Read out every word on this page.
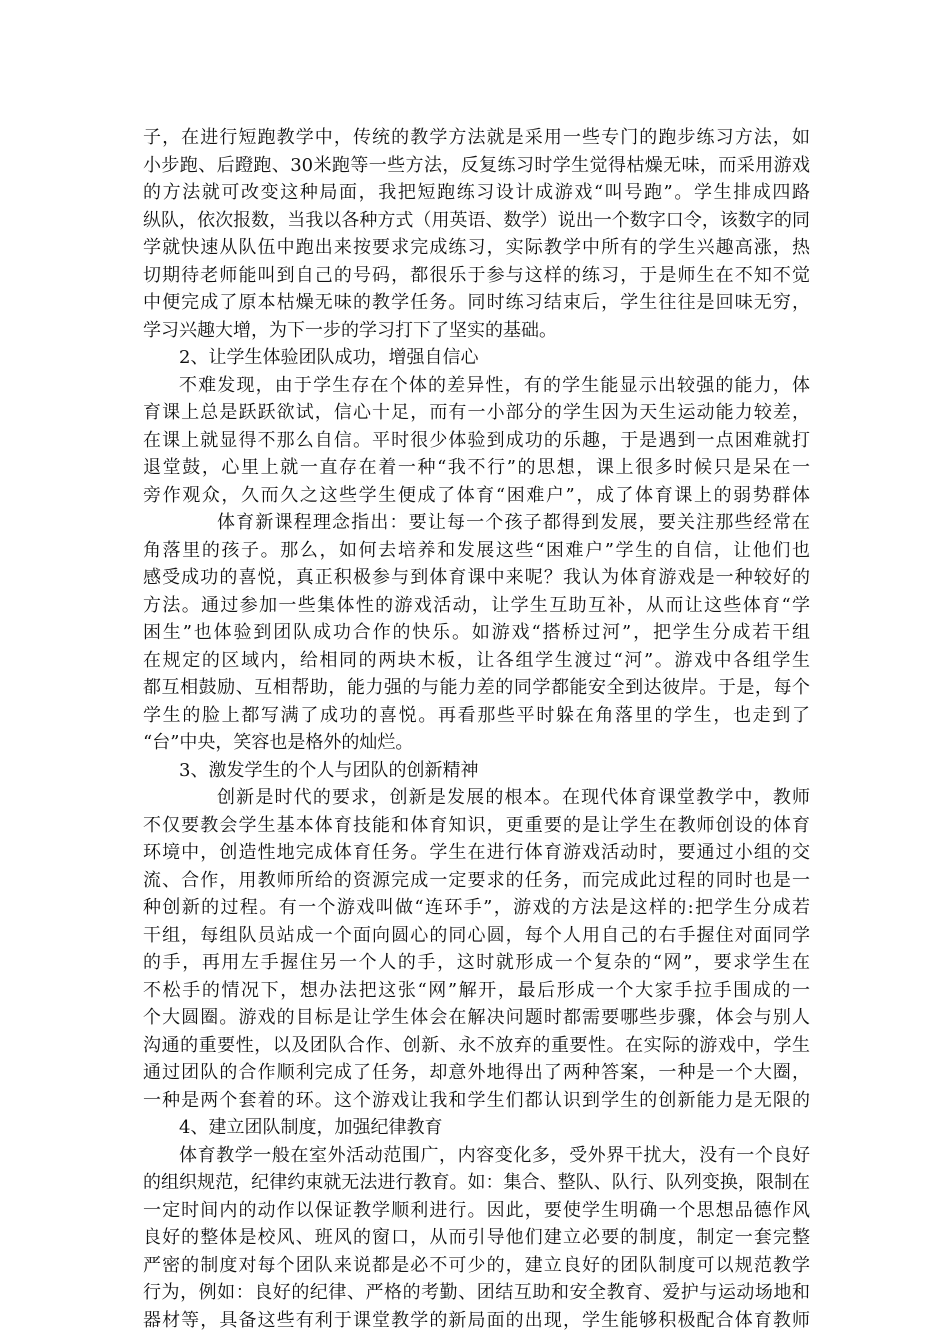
子，在进行短跑教学中，传统的教学方法就是采用一些专门的跑步练习方法，如
小步跑、后蹬跑、30米跑等一些方法，反复练习时学生觉得枯燥无味，而采用游戏
的方法就可改变这种局面，我把短跑练习设计成游戏“叫号跑”。学生排成四路
纵队，依次报数，当我以各种方式（用英语、数学）说出一个数字口令，该数字的同
学就快速从队伍中跑出来按要求完成练习，实际教学中所有的学生兴趣高涨，热
切期待老师能叫到自己的号码，都很乐于参与这样的练习，于是师生在不知不觉
中便完成了原本枯燥无味的教学任务。同时练习结束后，学生往往是回味无穷，
学习兴趣大增，为下一步的学习打下了坚实的基础。
2、让学生体验团队成功，增强自信心
不难发现，由于学生存在个体的差异性，有的学生能显示出较强的能力，体
育课上总是跃跃欲试，信心十足，而有一小部分的学生因为天生运动能力较差，
在课上就显得不那么自信。平时很少体验到成功的乐趣，于是遇到一点困难就打
退堂鼓，心里上就一直存在着一种“我不行”的思想，课上很多时候只是呆在一
旁作观众，久而久之这些学生便成了体育“困难户”，成了体育课上的弱势群体
体育新课程理念指出：要让每一个孩子都得到发展，要关注那些经常在
角落里的孩子。那么，如何去培养和发展这些“困难户”学生的自信，让他们也
感受成功的喜悦，真正积极参与到体育课中来呢？我认为体育游戏是一种较好的
方法。通过参加一些集体性的游戏活动，让学生互助互补，从而让这些体育“学
困生”也体验到团队成功合作的快乐。如游戏“搭桥过河”，把学生分成若干组
在规定的区域内，给相同的两块木板，让各组学生渡过“河”。游戏中各组学生
都互相鼓励、互相帮助，能力强的与能力差的同学都能安全到达彼岸。于是，每个
学生的脸上都写满了成功的喜悦。再看那些平时躲在角落里的学生，也走到了
“台”中央，笑容也是格外的灿烂。
3、激发学生的个人与团队的创新精神
创新是时代的要求，创新是发展的根本。在现代体育课堂教学中，教师
不仅要教会学生基本体育技能和体育知识，更重要的是让学生在教师创设的体育
环境中，创造性地完成体育任务。学生在进行体育游戏活动时，要通过小组的交
流、合作，用教师所给的资源完成一定要求的任务，而完成此过程的同时也是一
种创新的过程。有一个游戏叫做“连环手”，游戏的方法是这样的:把学生分成若
干组，每组队员站成一个面向圆心的同心圆，每个人用自己的右手握住对面同学
的手，再用左手握住另一个人的手，这时就形成一个复杂的“网”，要求学生在
不松手的情况下，想办法把这张“网”解开，最后形成一个大家手拉手围成的一
个大圆圈。游戏的目标是让学生体会在解决问题时都需要哪些步骤，体会与别人
沟通的重要性，以及团队合作、创新、永不放弃的重要性。在实际的游戏中，学生
通过团队的合作顺利完成了任务，却意外地得出了两种答案，一种是一个大圈，
一种是两个套着的环。这个游戏让我和学生们都认识到学生的创新能力是无限的
4、建立团队制度，加强纪律教育
体育教学一般在室外活动范围广，内容变化多，受外界干扰大，没有一个良好
的组织规范，纪律约束就无法进行教育。如：集合、整队、队行、队列变换，限制在
一定时间内的动作以保证教学顺利进行。因此，要使学生明确一个思想品德作风
良好的整体是校风、班风的窗口，从而引导他们建立必要的制度，制定一套完整
严密的制度对每个团队来说都是必不可少的，建立良好的团队制度可以规范教学
行为，例如：良好的纪律、严格的考勤、团结互助和安全教育、爱护与运动场地和
器材等，具备这些有利于课堂教学的新局面的出现，学生能够积极配合体育教师
